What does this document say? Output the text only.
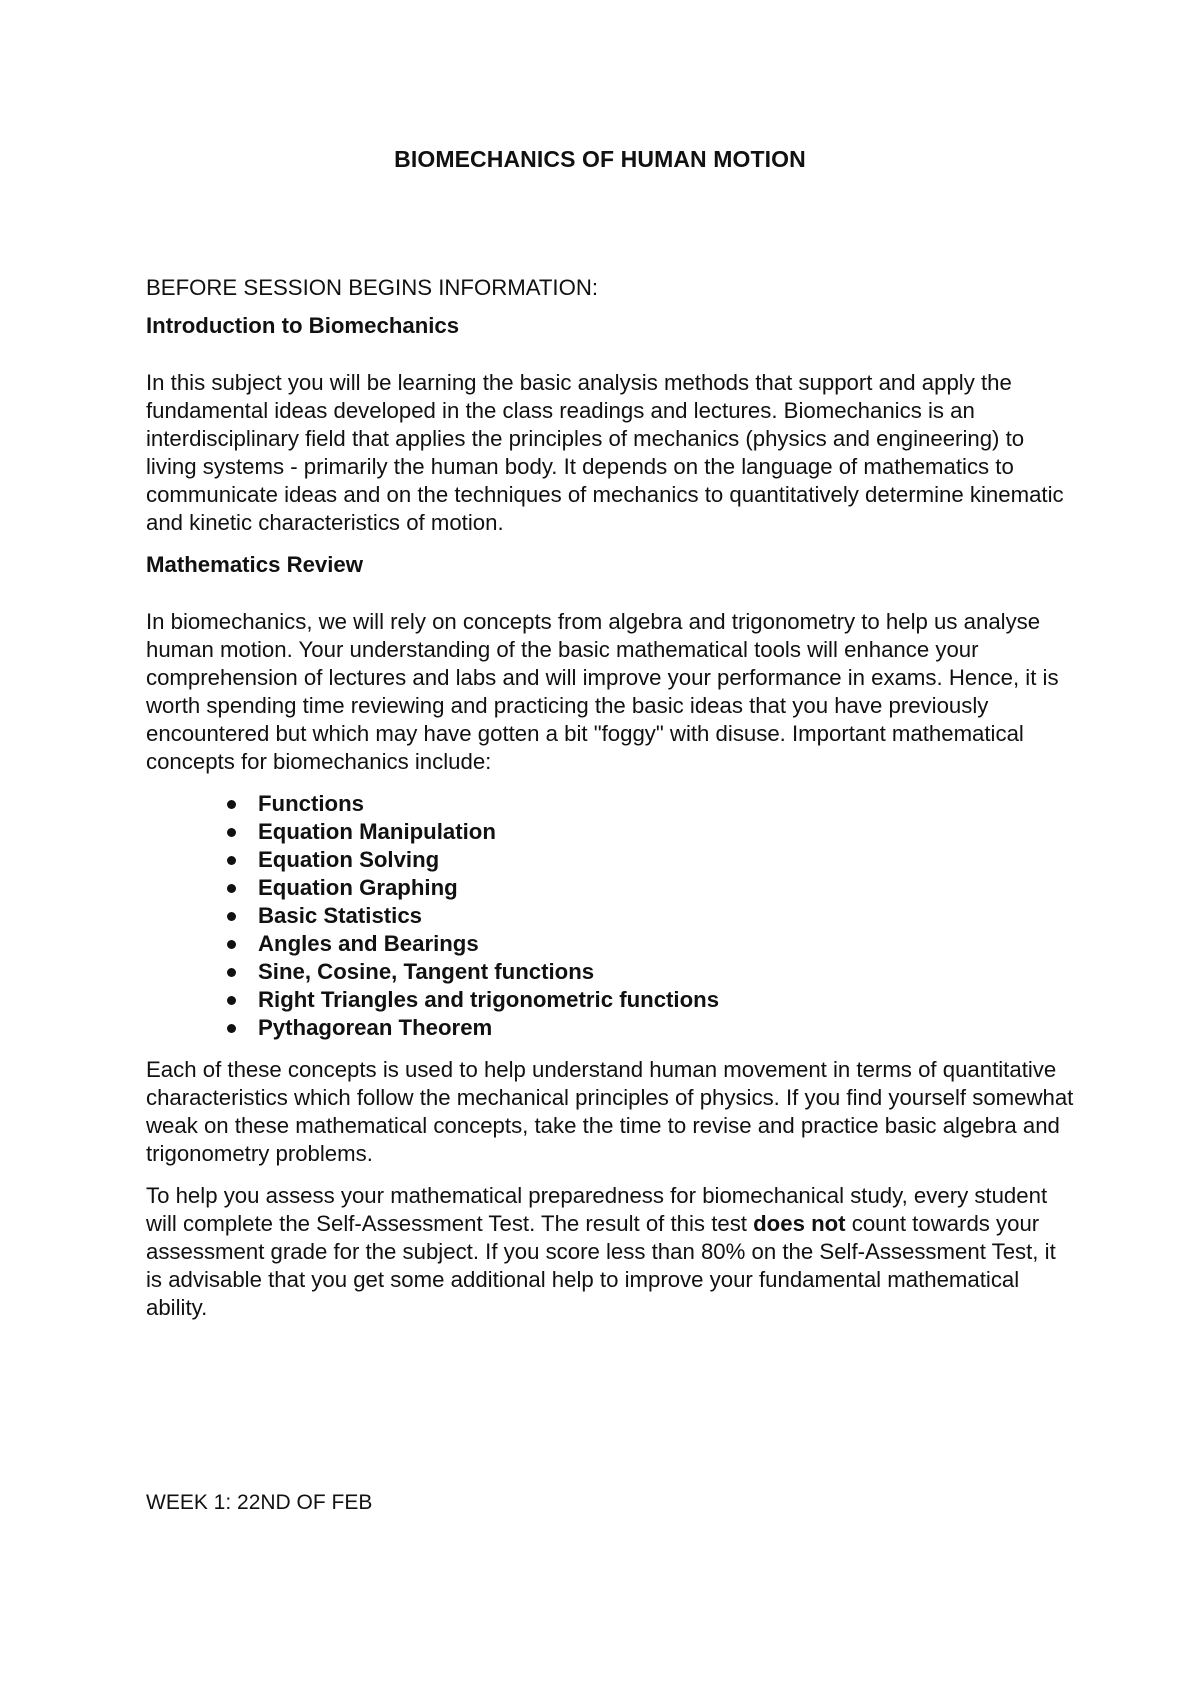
BIOMECHANICS OF HUMAN MOTION

BEFORE SESSION BEGINS INFORMATION:

Introduction to Biomechanics

In this subject you will be learning the basic analysis methods that support and apply the fundamental ideas developed in the class readings and lectures. Biomechanics is an interdisciplinary field that applies the principles of mechanics (physics and engineering) to living systems - primarily the human body. It depends on the language of mathematics to communicate ideas and on the techniques of mechanics to quantitatively determine kinematic and kinetic characteristics of motion.

Mathematics Review

In biomechanics, we will rely on concepts from algebra and trigonometry to help us analyse human motion. Your understanding of the basic mathematical tools will enhance your comprehension of lectures and labs and will improve your performance in exams. Hence, it is worth spending time reviewing and practicing the basic ideas that you have previously encountered but which may have gotten a bit "foggy" with disuse. Important mathematical concepts for biomechanics include:

Functions
Equation Manipulation
Equation Solving
Equation Graphing
Basic Statistics
Angles and Bearings
Sine, Cosine, Tangent functions
Right Triangles and trigonometric functions
Pythagorean Theorem

Each of these concepts is used to help understand human movement in terms of quantitative characteristics which follow the mechanical principles of physics. If you find yourself somewhat weak on these mathematical concepts, take the time to revise and practice basic algebra and trigonometry problems.

To help you assess your mathematical preparedness for biomechanical study, every student will complete the Self-Assessment Test. The result of this test does not count towards your assessment grade for the subject. If you score less than 80% on the Self-Assessment Test, it is advisable that you get some additional help to improve your fundamental mathematical ability.

WEEK 1: 22ND OF FEB
